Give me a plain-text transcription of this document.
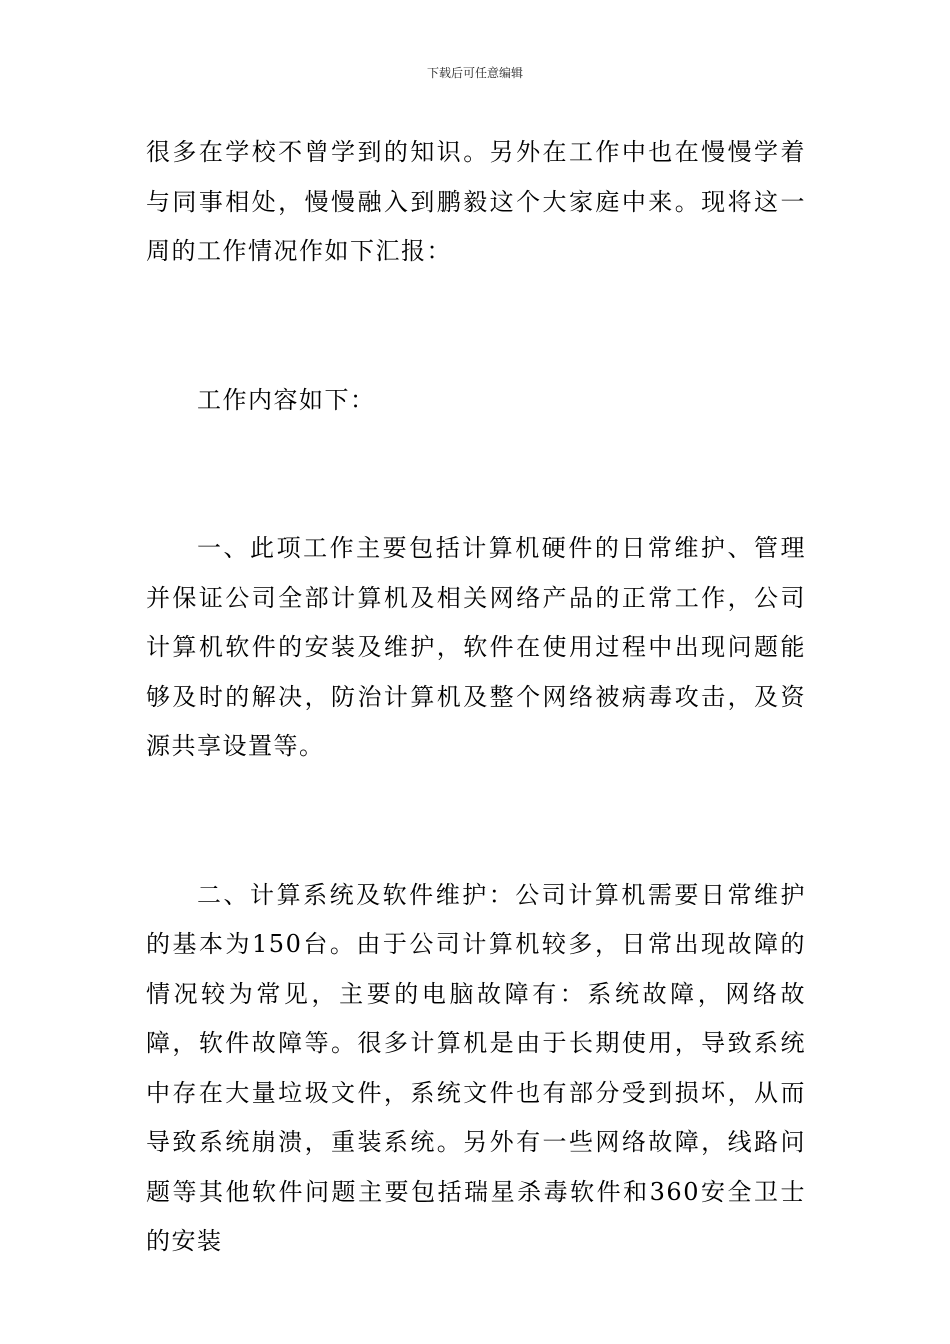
下载后可任意编辑

很多在学校不曾学到的知识。另外在工作中也在慢慢学着与同事相处，慢慢融入到鹏毅这个大家庭中来。现将这一周的工作情况作如下汇报：

工作内容如下：

一、此项工作主要包括计算机硬件的日常维护、管理并保证公司全部计算机及相关网络产品的正常工作，公司计算机软件的安装及维护，软件在使用过程中出现问题能够及时的解决，防治计算机及整个网络被病毒攻击，及资源共享设置等。

二、计算系统及软件维护：公司计算机需要日常维护的基本为150台。由于公司计算机较多，日常出现故障的情况较为常见，主要的电脑故障有：系统故障，网络故障，软件故障等。很多计算机是由于长期使用，导致系统中存在大量垃圾文件，系统文件也有部分受到损坏，从而导致系统崩溃，重装系统。另外有一些网络故障，线路问题等其他软件问题主要包括瑞星杀毒软件和360安全卫士的安装
